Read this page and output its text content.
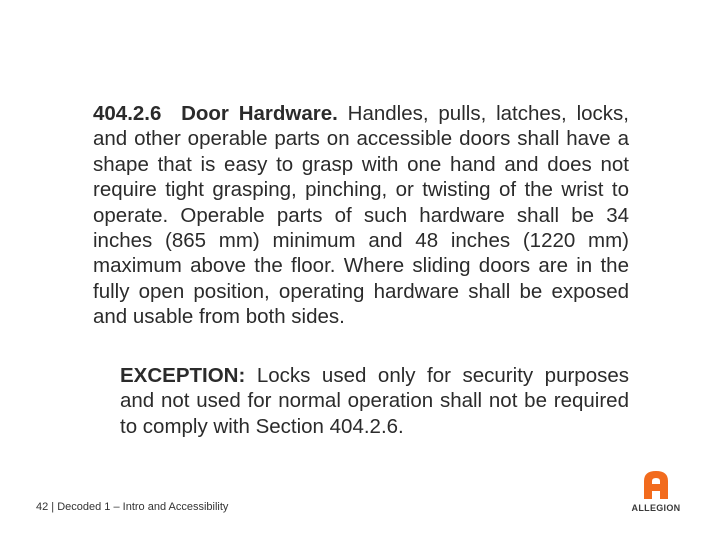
404.2.6 Door Hardware. Handles, pulls, latches, locks, and other operable parts on accessible doors shall have a shape that is easy to grasp with one hand and does not require tight grasping, pinching, or twisting of the wrist to operate. Operable parts of such hardware shall be 34 inches (865 mm) minimum and 48 inches (1220 mm) maximum above the floor. Where sliding doors are in the fully open position, operating hardware shall be exposed and usable from both sides.

EXCEPTION: Locks used only for security purposes and not used for normal operation shall not be required to comply with Section 404.2.6.

42 | Decoded 1 – Intro and Accessibility	ALLEGION
